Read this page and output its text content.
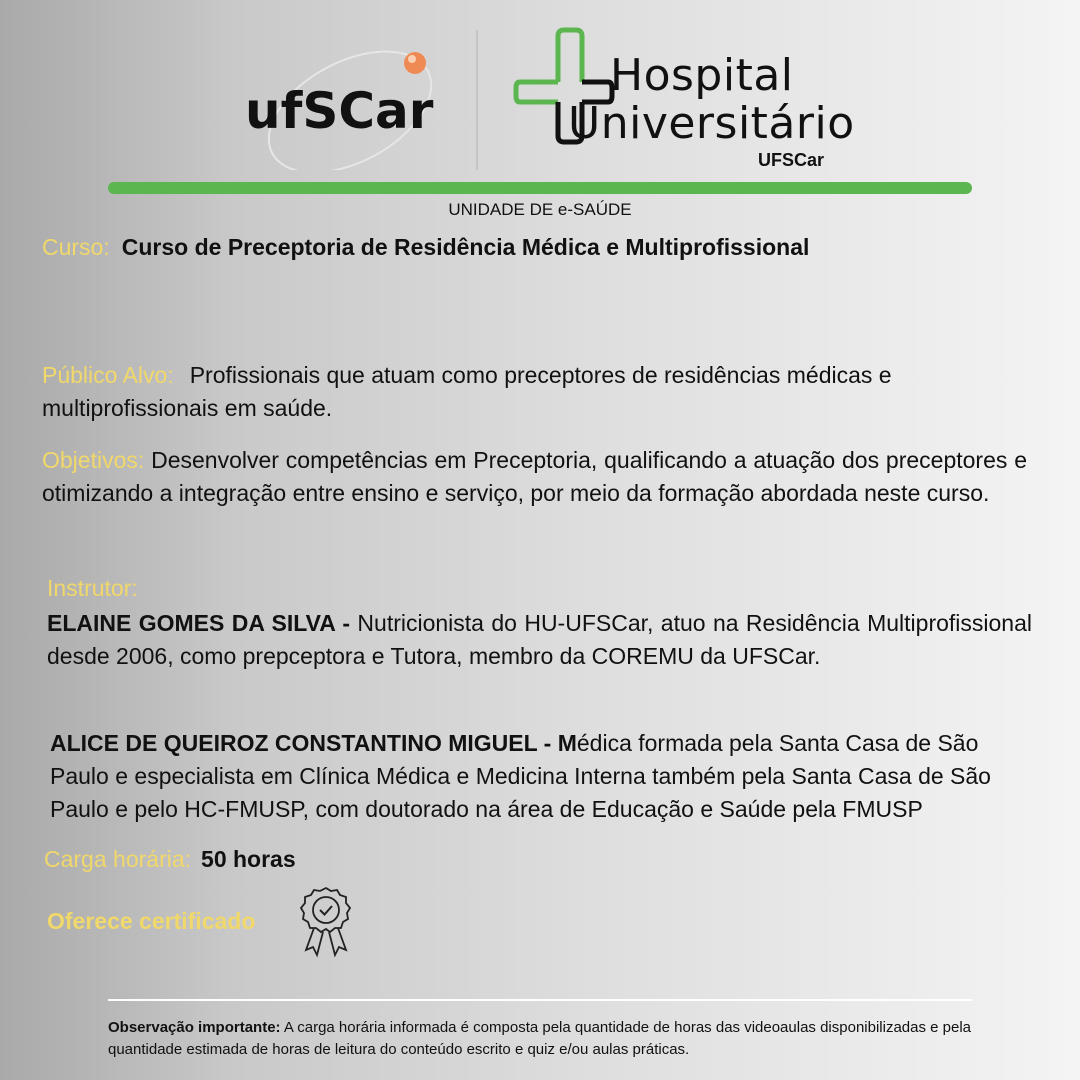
ufSCar
Hospital
Universitário
UFSCar
UNIDADE DE e-SAÚDE
Curso: Curso de Preceptoria de Residência Médica e Multiprofissional
Público Alvo: Profissionais que atuam como preceptores de residências médicas e multiprofissionais em saúde.
Objetivos: Desenvolver competências em Preceptoria, qualificando a atuação dos preceptores e otimizando a integração entre ensino e serviço, por meio da formação abordada neste curso.
Instrutor:
ELAINE GOMES DA SILVA - Nutricionista do HU-UFSCar, atuo na Residência Multiprofissional desde 2006, como prepceptora e Tutora, membro da COREMU da UFSCar.
ALICE DE QUEIROZ CONSTANTINO MIGUEL - Médica formada pela Santa Casa de São Paulo e especialista em Clínica Médica e Medicina Interna também pela Santa Casa de São Paulo e pelo HC-FMUSP, com doutorado na área de Educação e Saúde pela FMUSP
Carga horária: 50 horas
Oferece certificado
Observação importante: A carga horária informada é composta pela quantidade de horas das videoaulas disponibilizadas e pela quantidade estimada de horas de leitura do conteúdo escrito e quiz e/ou aulas práticas.
